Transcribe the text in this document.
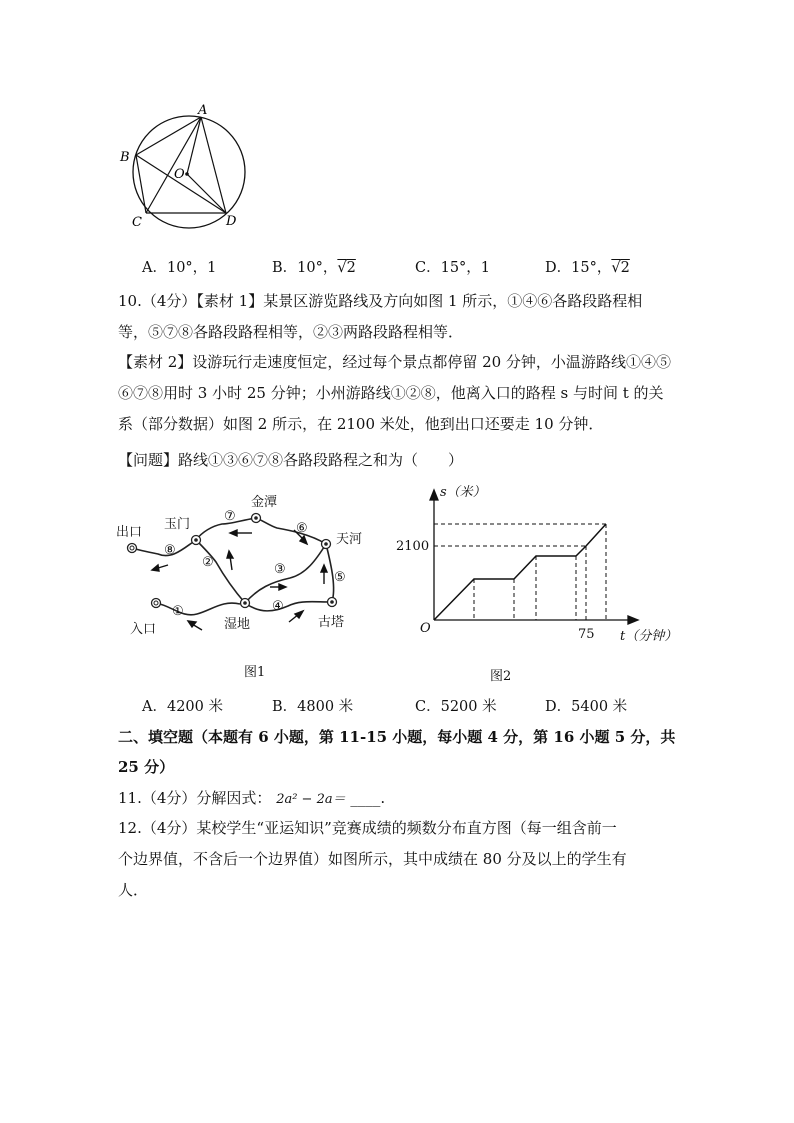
A
B
O
C	D
A．10°，1	B．10°，√2	C．15°，1	D．15°，√2
10.（4分）【素材 1】某景区游览路线及方向如图 1 所示，①④⑥各路段路程相
等，⑤⑦⑧各路段路程相等，②③两路段路程相等．
【素材 2】设游玩行走速度恒定，经过每个景点都停留 20 分钟，小温游路线①④⑤
⑥⑦⑧用时 3 小时 25 分钟；小州游路线①②⑧，他离入口的路程 s 与时间 t 的关
系（部分数据）如图 2 所示，在 2100 米处，他到出口还要走 10 分钟．
【问题】路线①③⑥⑦⑧各路段路程之和为（　　）
①
②	③
④
⑤
⑥
⑦
⑧
出口
玉门
金潭
天河
入口	湿地	古塔
图1
s（米）
t（分钟）
O
2100
75
图2
A．4200 米	B．4800 米	C．5200 米	D．5400 米
二、填空题（本题有 6 小题，第 11-15 小题，每小题 4 分，第 16 小题 5 分，共
25 分）
11.（4分）分解因式： 2a² − 2a＝ ____.
12.（4分）某校学生“亚运知识”竞赛成绩的频数分布直方图（每一组含前一
个边界值，不含后一个边界值）如图所示，其中成绩在 80 分及以上的学生有
人．
